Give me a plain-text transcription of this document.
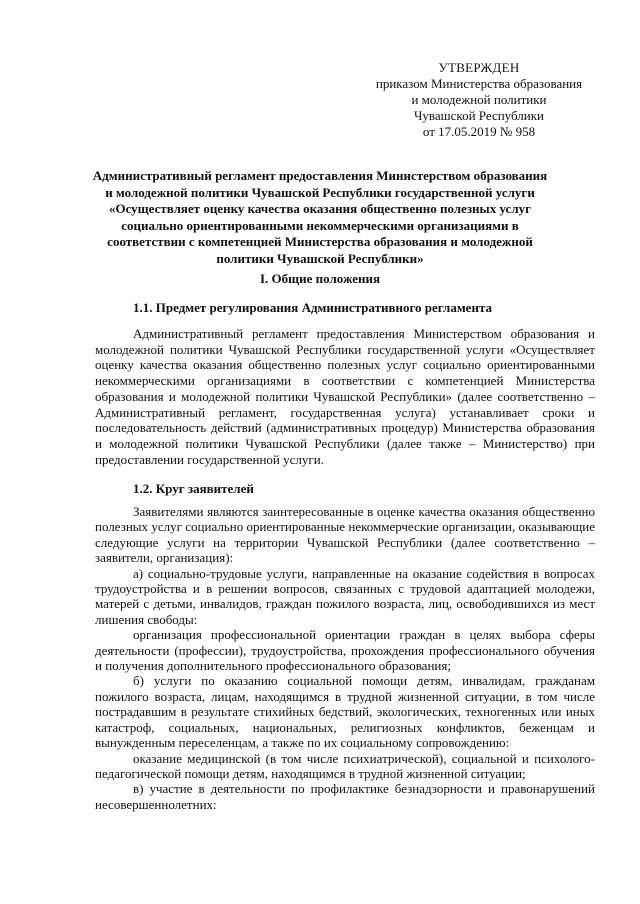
УТВЕРЖДЕН
приказом Министерства образования
и молодежной политики
Чувашской Республики
от 17.05.2019 № 958
Административный регламент предоставления Министерством образования и молодежной политики Чувашской Республики государственной услуги «Осуществляет оценку качества оказания общественно полезных услуг социально ориентированными некоммерческими организациями в соответствии с компетенцией Министерства образования и молодежной политики Чувашской Республики»
I. Общие положения
1.1. Предмет регулирования Административного регламента
Административный регламент предоставления Министерством образования и молодежной политики Чувашской Республики государственной услуги «Осуществляет оценку качества оказания общественно полезных услуг социально ориентированными некоммерческими организациями в соответствии с компетенцией Министерства образования и молодежной политики Чувашской Республики» (далее соответственно – Административный регламент, государственная услуга) устанавливает сроки и последовательность действий (административных процедур) Министерства образования и молодежной политики Чувашской Республики (далее также – Министерство) при предоставлении государственной услуги.
1.2. Круг заявителей

Заявителями являются заинтересованные в оценке качества оказания общественно полезных услуг социально ориентированные некоммерческие организации, оказывающие следующие услуги на территории Чувашской Республики (далее соответственно – заявители, организация):

а) социально-трудовые услуги, направленные на оказание содействия в вопросах трудоустройства и в решении вопросов, связанных с трудовой адаптацией молодежи, матерей с детьми, инвалидов, граждан пожилого возраста, лиц, освободившихся из мест лишения свободы:

организация профессиональной ориентации граждан в целях выбора сферы деятельности (профессии), трудоустройства, прохождения профессионального обучения и получения дополнительного профессионального образования;

б) услуги по оказанию социальной помощи детям, инвалидам, гражданам пожилого возраста, лицам, находящимся в трудной жизненной ситуации, в том числе пострадавшим в результате стихийных бедствий, экологических, техногенных или иных катастроф, социальных, национальных, религиозных конфликтов, беженцам и вынужденным переселенцам, а также по их социальному сопровождению:

оказание медицинской (в том числе психиатрической), социальной и психолого-педагогической помощи детям, находящимся в трудной жизненной ситуации;

в) участие в деятельности по профилактике безнадзорности и правонарушений несовершеннолетних:
